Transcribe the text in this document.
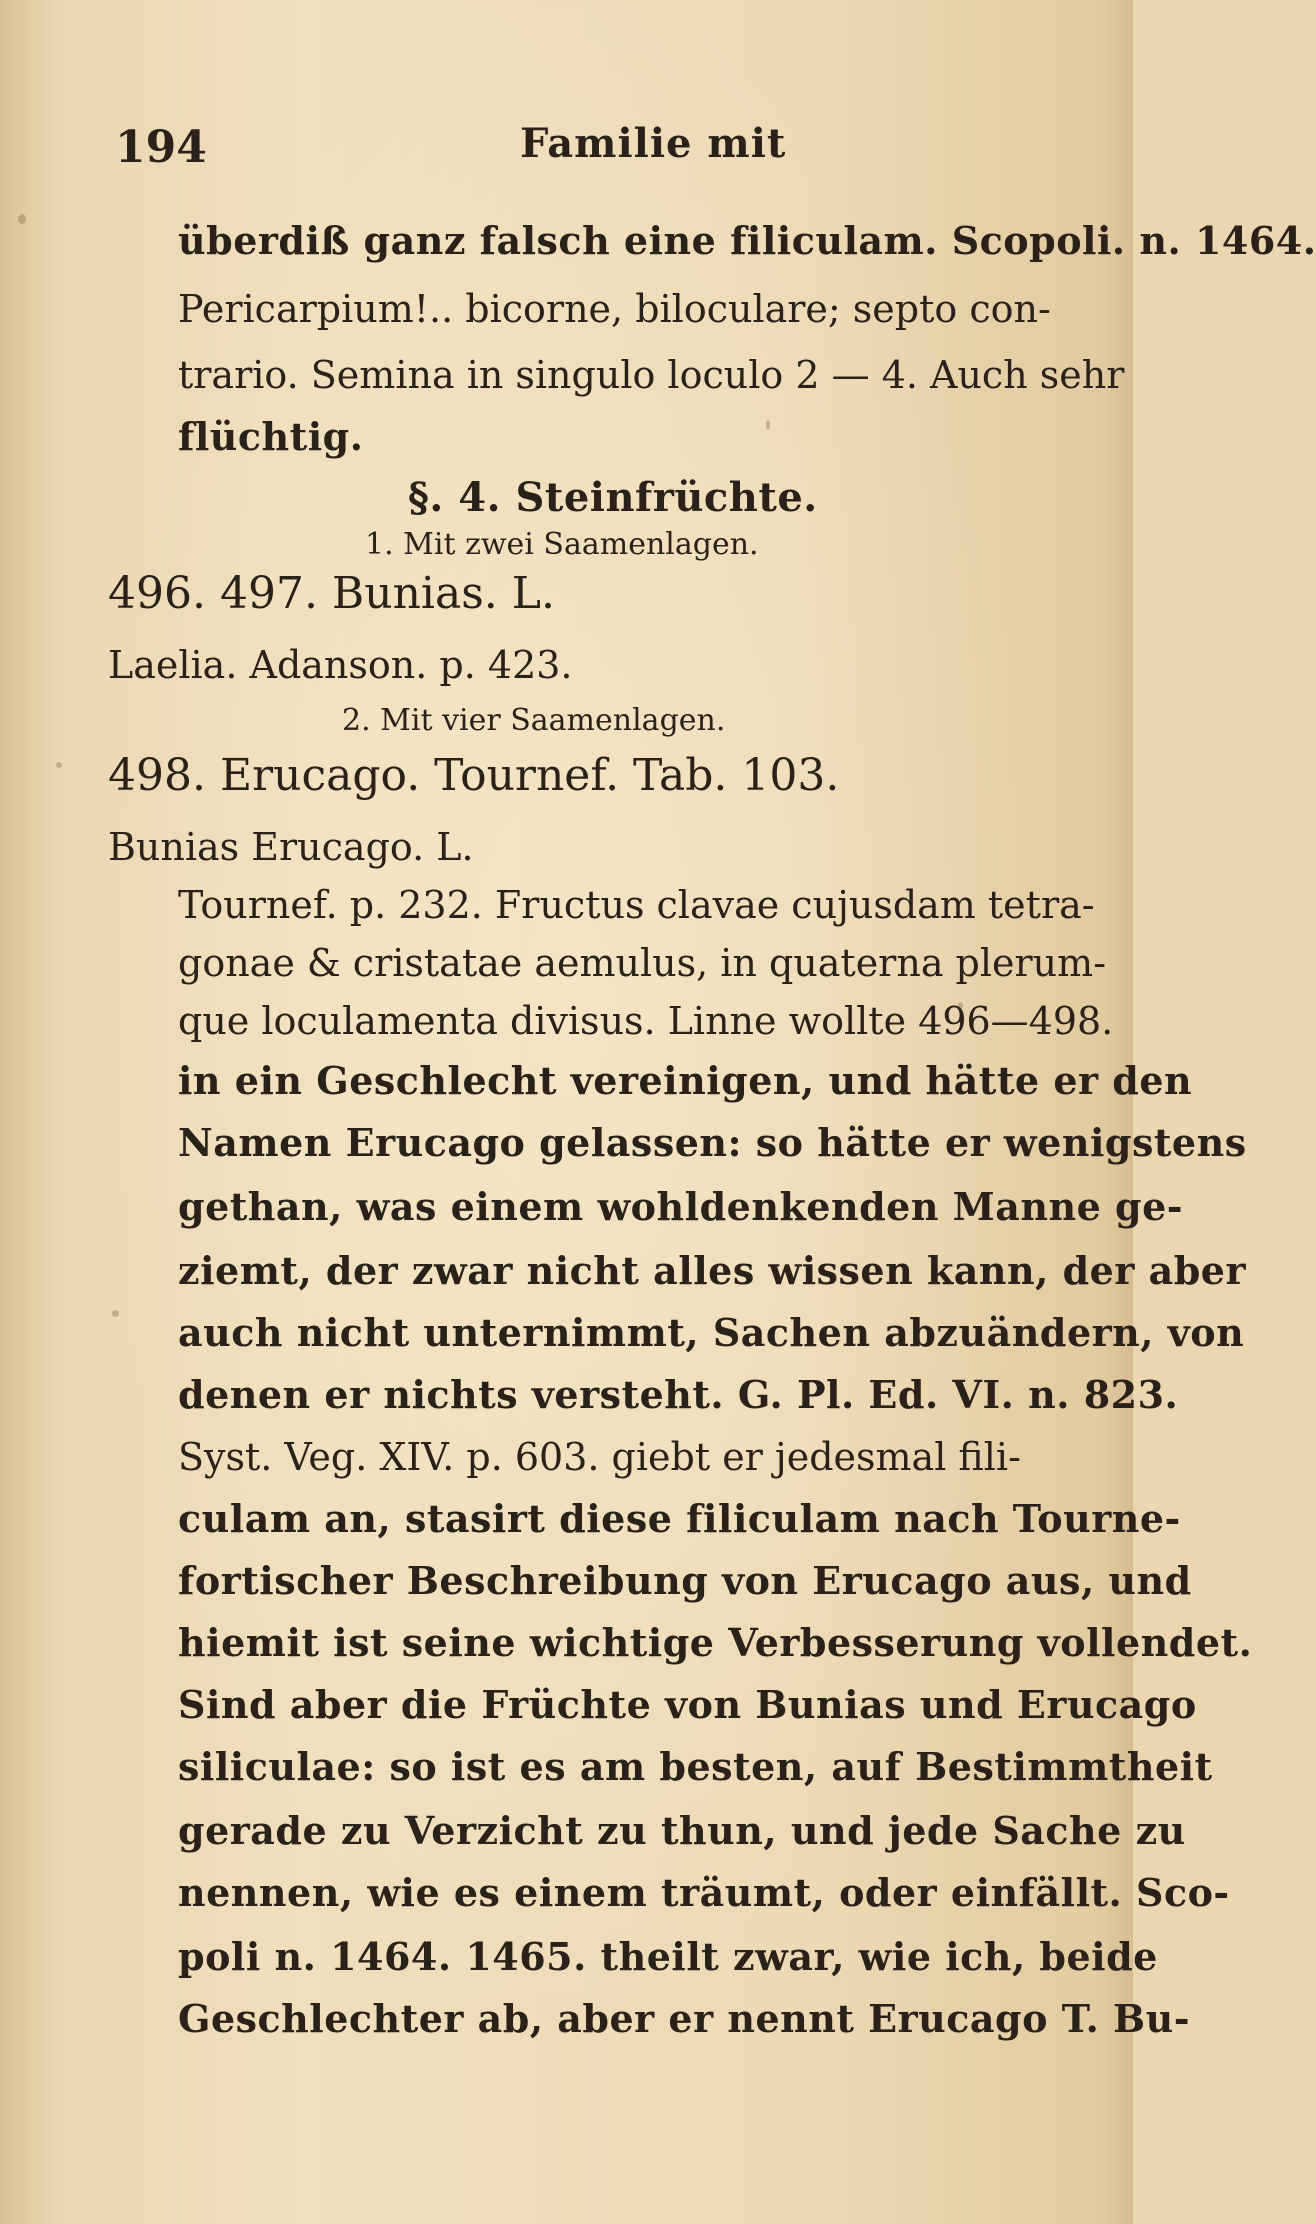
194	Familie mit
überdiß ganz falsch eine filiculam. Scopoli. n. 1464.
Pericarpium!.. bicorne, biloculare; septo con-
trario. Semina in singulo loculo 2 — 4. Auch sehr
flüchtig.
§. 4. Steinfrüchte.
1. Mit zwei Saamenlagen.
496. 497. Bunias. L.
Laelia. Adanson. p. 423.
2. Mit vier Saamenlagen.
498. Erucago. Tournef. Tab. 103.
Bunias Erucago. L.
Tournef. p. 232. Fructus clavae cujusdam tetra-
gonae & cristatae aemulus, in quaterna plerum-
que loculamenta divisus. Linne wollte 496—498.
in ein Geschlecht vereinigen, und hätte er den
Namen Erucago gelassen: so hätte er wenigstens
gethan, was einem wohldenkenden Manne ge-
ziemt, der zwar nicht alles wissen kann, der aber
auch nicht unternimmt, Sachen abzuändern, von
denen er nichts versteht. G. Pl. Ed. VI. n. 823.
Syst. Veg. XIV. p. 603. giebt er jedesmal fili-
culam an, stasirt diese filiculam nach Tourne-
fortischer Beschreibung von Erucago aus, und
hiemit ist seine wichtige Verbesserung vollendet.
Sind aber die Früchte von Bunias und Erucago
siliculae: so ist es am besten, auf Bestimmtheit
gerade zu Verzicht zu thun, und jede Sache zu
nennen, wie es einem träumt, oder einfällt. Sco-
poli n. 1464. 1465. theilt zwar, wie ich, beide
Geschlechter ab, aber er nennt Erucago T. Bu-
